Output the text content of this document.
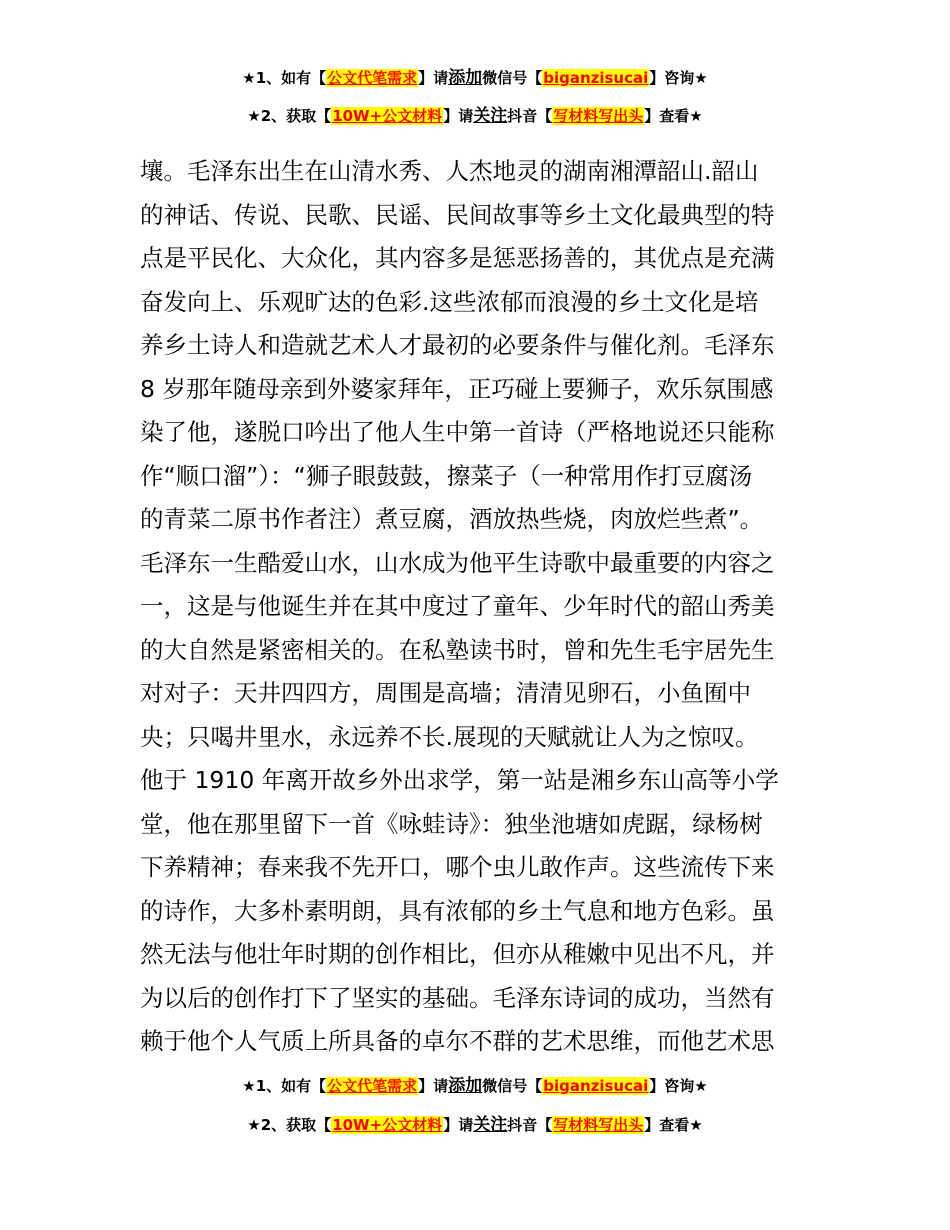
★1、如有【公文代笔需求】请添加微信号【biganzisucai】咨询★
★2、获取【10W+公文材料】请关注抖音【写材料写出头】查看★
壤。毛泽东出生在山清水秀、人杰地灵的湖南湘潭韶山.韶山
的神话、传说、民歌、民谣、民间故事等乡土文化最典型的特
点是平民化、大众化，其内容多是惩恶扬善的，其优点是充满
奋发向上、乐观旷达的色彩.这些浓郁而浪漫的乡土文化是培
养乡土诗人和造就艺术人才最初的必要条件与催化剂。毛泽东
8 岁那年随母亲到外婆家拜年，正巧碰上要狮子，欢乐氛围感
染了他，遂脱口吟出了他人生中第一首诗（严格地说还只能称
作“顺口溜”）：“狮子眼鼓鼓，擦菜子（一种常用作打豆腐汤
的青菜二原书作者注）煮豆腐，酒放热些烧，肉放烂些煮”。
毛泽东一生酷爱山水，山水成为他平生诗歌中最重要的内容之
一，这是与他诞生并在其中度过了童年、少年时代的韶山秀美
的大自然是紧密相关的。在私塾读书时，曾和先生毛宇居先生
对对子：天井四四方，周围是高墙；清清见卵石，小鱼囿中
央；只喝井里水，永远养不长.展现的天赋就让人为之惊叹。
他于 1910 年离开故乡外出求学，第一站是湘乡东山高等小学
堂，他在那里留下一首《咏蛙诗》：独坐池塘如虎踞，绿杨树
下养精神；春来我不先开口，哪个虫儿敢作声。这些流传下来
的诗作，大多朴素明朗，具有浓郁的乡土气息和地方色彩。虽
然无法与他壮年时期的创作相比，但亦从稚嫩中见出不凡，并
为以后的创作打下了坚实的基础。毛泽东诗词的成功，当然有
赖于他个人气质上所具备的卓尔不群的艺术思维，而他艺术思
★1、如有【公文代笔需求】请添加微信号【biganzisucai】咨询★
★2、获取【10W+公文材料】请关注抖音【写材料写出头】查看★
